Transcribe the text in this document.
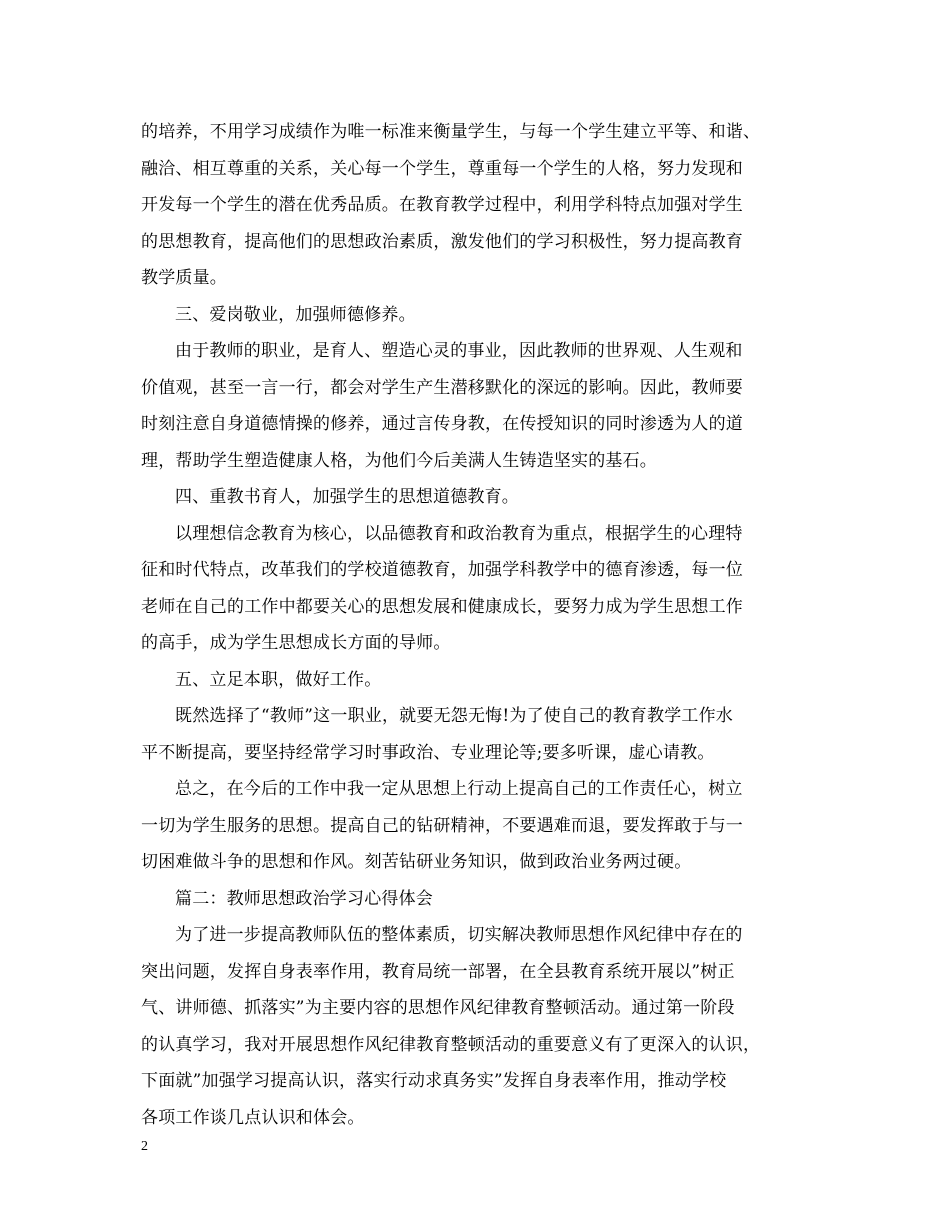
的培养，不用学习成绩作为唯一标准来衡量学生，与每一个学生建立平等、和谐、
融洽、相互尊重的关系，关心每一个学生，尊重每一个学生的人格，努力发现和
开发每一个学生的潜在优秀品质。在教育教学过程中，利用学科特点加强对学生
的思想教育，提高他们的思想政治素质，激发他们的学习积极性，努力提高教育
教学质量。
三、爱岗敬业，加强师德修养。
由于教师的职业，是育人、塑造心灵的事业，因此教师的世界观、人生观和
价值观，甚至一言一行，都会对学生产生潜移默化的深远的影响。因此，教师要
时刻注意自身道德情操的修养，通过言传身教，在传授知识的同时渗透为人的道
理，帮助学生塑造健康人格，为他们今后美满人生铸造坚实的基石。
四、重教书育人，加强学生的思想道德教育。
以理想信念教育为核心，以品德教育和政治教育为重点，根据学生的心理特
征和时代特点，改革我们的学校道德教育，加强学科教学中的德育渗透，每一位
老师在自己的工作中都要关心的思想发展和健康成长，要努力成为学生思想工作
的高手，成为学生思想成长方面的导师。
五、立足本职，做好工作。
既然选择了“教师”这一职业，就要无怨无悔!为了使自己的教育教学工作水
平不断提高，要坚持经常学习时事政治、专业理论等;要多听课，虚心请教。
总之，在今后的工作中我一定从思想上行动上提高自己的工作责任心，树立
一切为学生服务的思想。提高自己的钻研精神，不要遇难而退，要发挥敢于与一
切困难做斗争的思想和作风。刻苦钻研业务知识，做到政治业务两过硬。
篇二：教师思想政治学习心得体会
为了进一步提高教师队伍的整体素质，切实解决教师思想作风纪律中存在的
突出问题，发挥自身表率作用，教育局统一部署，在全县教育系统开展以”树正
气、讲师德、抓落实”为主要内容的思想作风纪律教育整顿活动。通过第一阶段
的认真学习，我对开展思想作风纪律教育整顿活动的重要意义有了更深入的认识，
下面就”加强学习提高认识，落实行动求真务实”发挥自身表率作用，推动学校
各项工作谈几点认识和体会。
2
